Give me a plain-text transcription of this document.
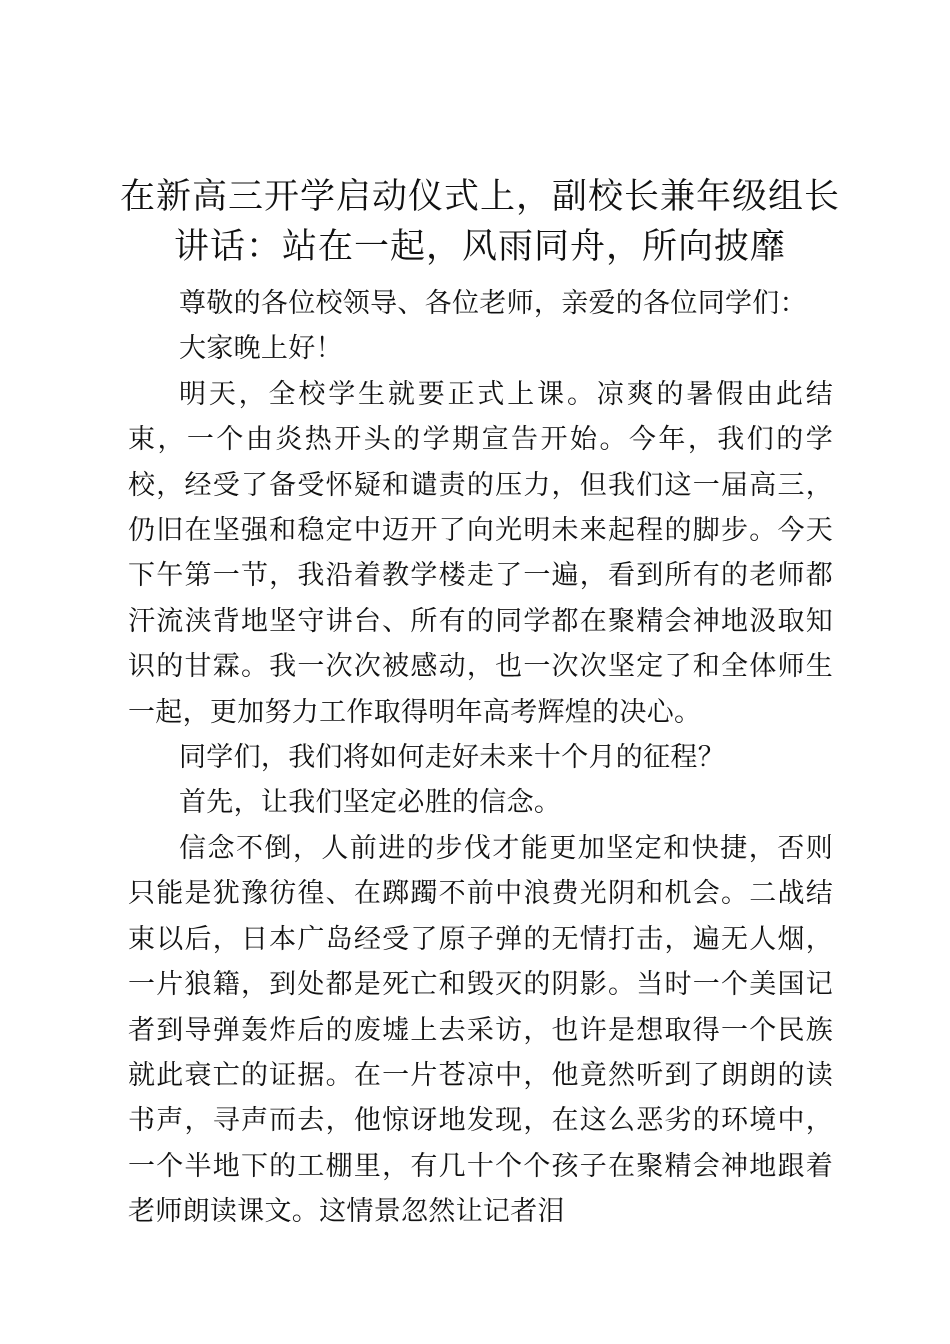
在新高三开学启动仪式上，副校长兼年级组长讲话：站在一起，风雨同舟，所向披靡

尊敬的各位校领导、各位老师，亲爱的各位同学们：

大家晚上好！

明天，全校学生就要正式上课。凉爽的暑假由此结束，一个由炎热开头的学期宣告开始。今年，我们的学校，经受了备受怀疑和谴责的压力，但我们这一届高三，仍旧在坚强和稳定中迈开了向光明未来起程的脚步。今天下午第一节，我沿着教学楼走了一遍，看到所有的老师都汗流浃背地坚守讲台、所有的同学都在聚精会神地汲取知识的甘霖。我一次次被感动，也一次次坚定了和全体师生一起，更加努力工作取得明年高考辉煌的决心。

同学们，我们将如何走好未来十个月的征程？

首先，让我们坚定必胜的信念。

信念不倒，人前进的步伐才能更加坚定和快捷，否则只能是犹豫彷徨、在踯躅不前中浪费光阴和机会。二战结束以后，日本广岛经受了原子弹的无情打击，遍无人烟，一片狼籍，到处都是死亡和毁灭的阴影。当时一个美国记者到导弹轰炸后的废墟上去采访，也许是想取得一个民族就此衰亡的证据。在一片苍凉中，他竟然听到了朗朗的读书声，寻声而去，他惊讶地发现，在这么恶劣的环境中，一个半地下的工棚里，有几十个个孩子在聚精会神地跟着老师朗读课文。这情景忽然让记者泪
